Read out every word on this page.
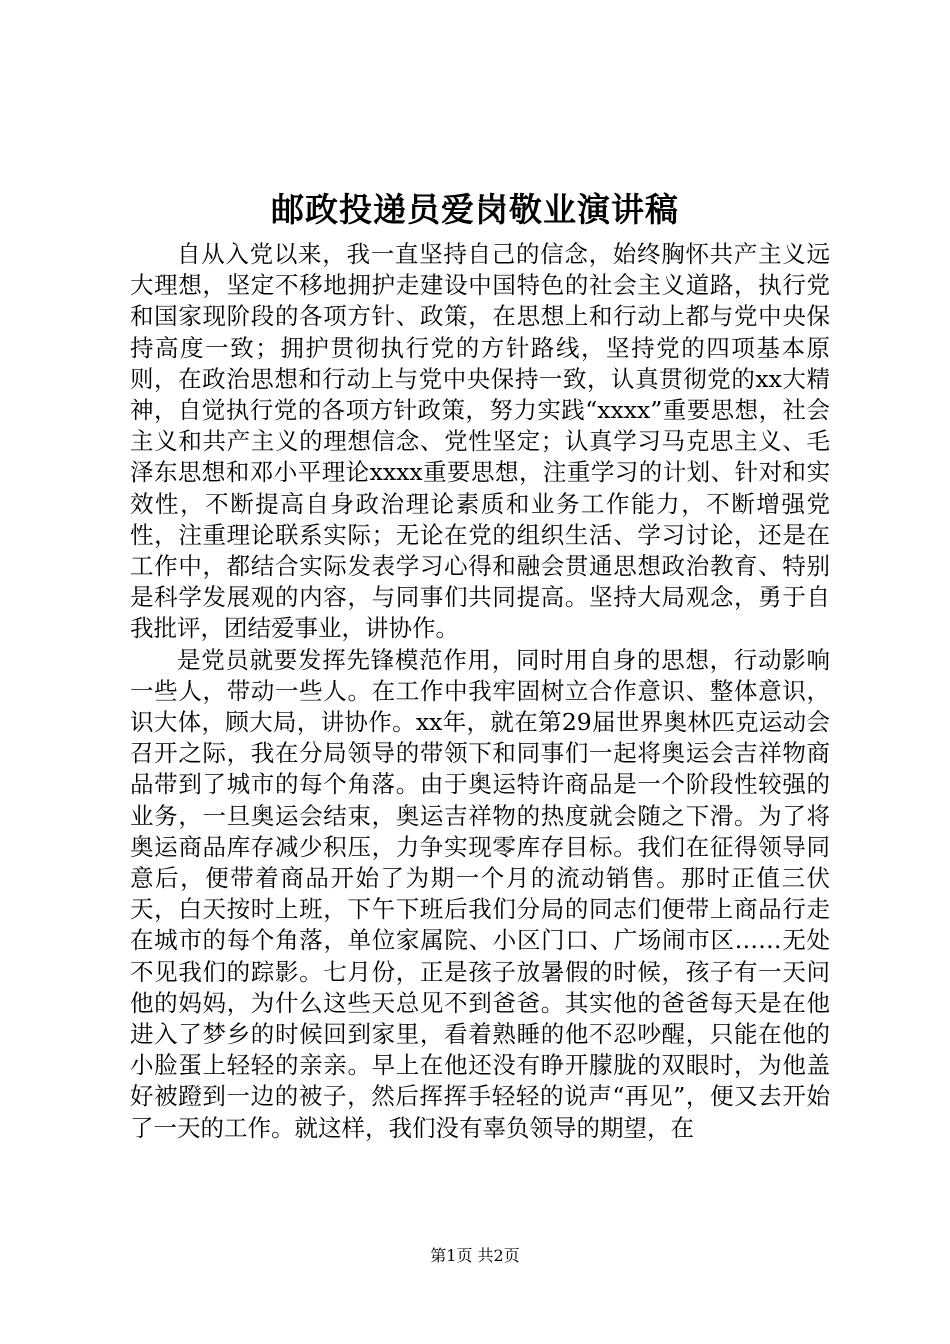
邮政投递员爱岗敬业演讲稿

自从入党以来，我一直坚持自己的信念，始终胸怀共产主义远大理想，坚定不移地拥护走建设中国特色的社会主义道路，执行党和国家现阶段的各项方针、政策，在思想上和行动上都与党中央保持高度一致；拥护贯彻执行党的方针路线，坚持党的四项基本原则，在政治思想和行动上与党中央保持一致，认真贯彻党的xx大精神，自觉执行党的各项方针政策，努力实践“xxxx”重要思想，社会主义和共产主义的理想信念、党性坚定；认真学习马克思主义、毛泽东思想和邓小平理论xxxx重要思想，注重学习的计划、针对和实效性，不断提高自身政治理论素质和业务工作能力，不断增强党性，注重理论联系实际；无论在党的组织生活、学习讨论，还是在工作中，都结合实际发表学习心得和融会贯通思想政治教育、特别是科学发展观的内容，与同事们共同提高。坚持大局观念，勇于自我批评，团结爱事业，讲协作。

是党员就要发挥先锋模范作用，同时用自身的思想，行动影响一些人，带动一些人。在工作中我牢固树立合作意识、整体意识，识大体，顾大局，讲协作。xx年，就在第29届世界奥林匹克运动会召开之际，我在分局领导的带领下和同事们一起将奥运会吉祥物商品带到了城市的每个角落。由于奥运特许商品是一个阶段性较强的业务，一旦奥运会结束，奥运吉祥物的热度就会随之下滑。为了将奥运商品库存减少积压，力争实现零库存目标。我们在征得领导同意后，便带着商品开始了为期一个月的流动销售。那时正值三伏天，白天按时上班，下午下班后我们分局的同志们便带上商品行走在城市的每个角落，单位家属院、小区门口、广场闹市区……无处不见我们的踪影。七月份，正是孩子放暑假的时候，孩子有一天问他的妈妈，为什么这些天总见不到爸爸。其实他的爸爸每天是在他进入了梦乡的时候回到家里，看着熟睡的他不忍吵醒，只能在他的小脸蛋上轻轻的亲亲。早上在他还没有睁开朦胧的双眼时，为他盖好被蹬到一边的被子，然后挥挥手轻轻的说声“再见”，便又去开始了一天的工作。就这样，我们没有辜负领导的期望，在

第1页 共2页
